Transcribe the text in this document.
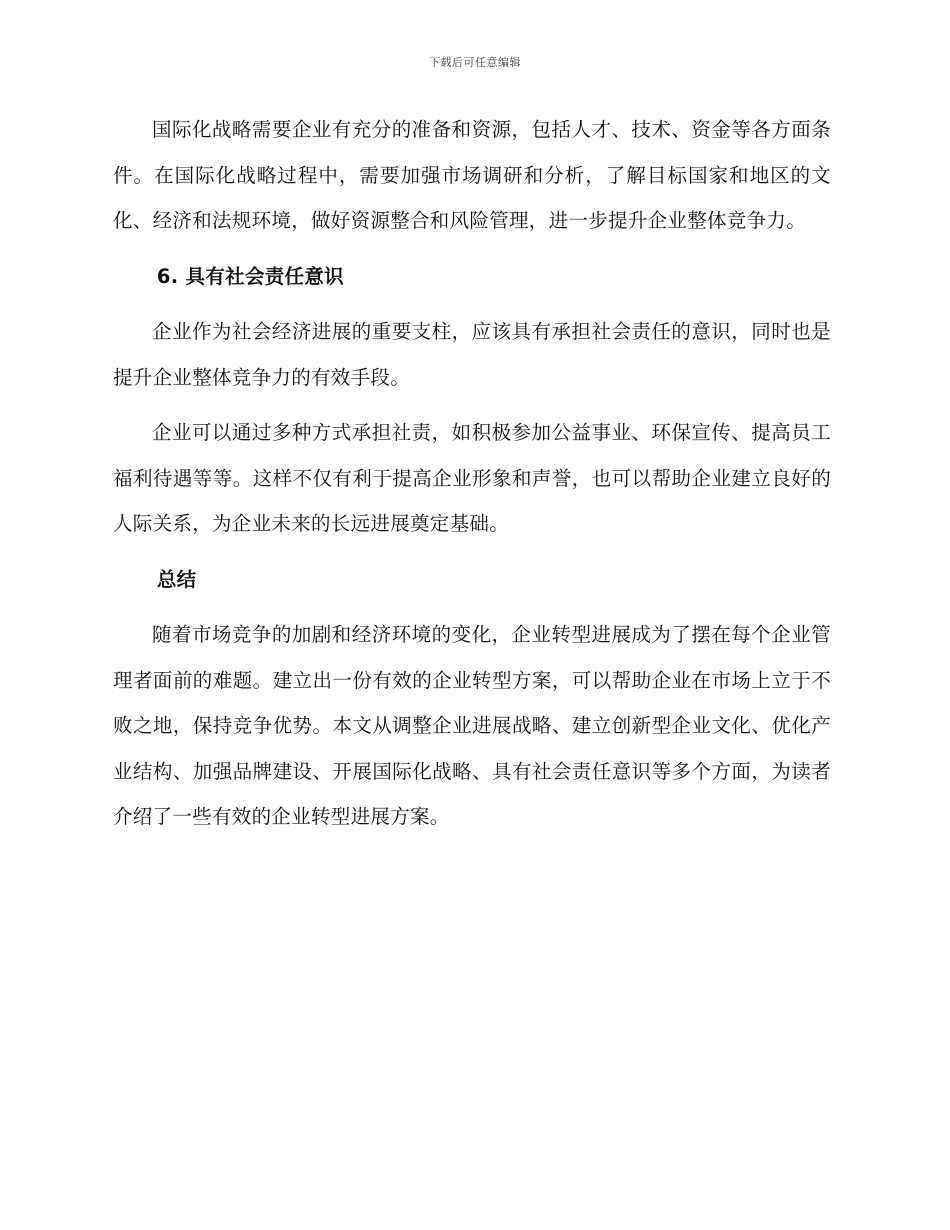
下载后可任意编辑

国际化战略需要企业有充分的准备和资源，包括人才、技术、资金等各方面条件。在国际化战略过程中，需要加强市场调研和分析，了解目标国家和地区的文化、经济和法规环境，做好资源整合和风险管理，进一步提升企业整体竞争力。

6. 具有社会责任意识

企业作为社会经济进展的重要支柱，应该具有承担社会责任的意识，同时也是提升企业整体竞争力的有效手段。

企业可以通过多种方式承担社责，如积极参加公益事业、环保宣传、提高员工福利待遇等等。这样不仅有利于提高企业形象和声誉，也可以帮助企业建立良好的人际关系，为企业未来的长远进展奠定基础。

总结

随着市场竞争的加剧和经济环境的变化，企业转型进展成为了摆在每个企业管理者面前的难题。建立出一份有效的企业转型方案，可以帮助企业在市场上立于不败之地，保持竞争优势。本文从调整企业进展战略、建立创新型企业文化、优化产业结构、加强品牌建设、开展国际化战略、具有社会责任意识等多个方面，为读者介绍了一些有效的企业转型进展方案。
